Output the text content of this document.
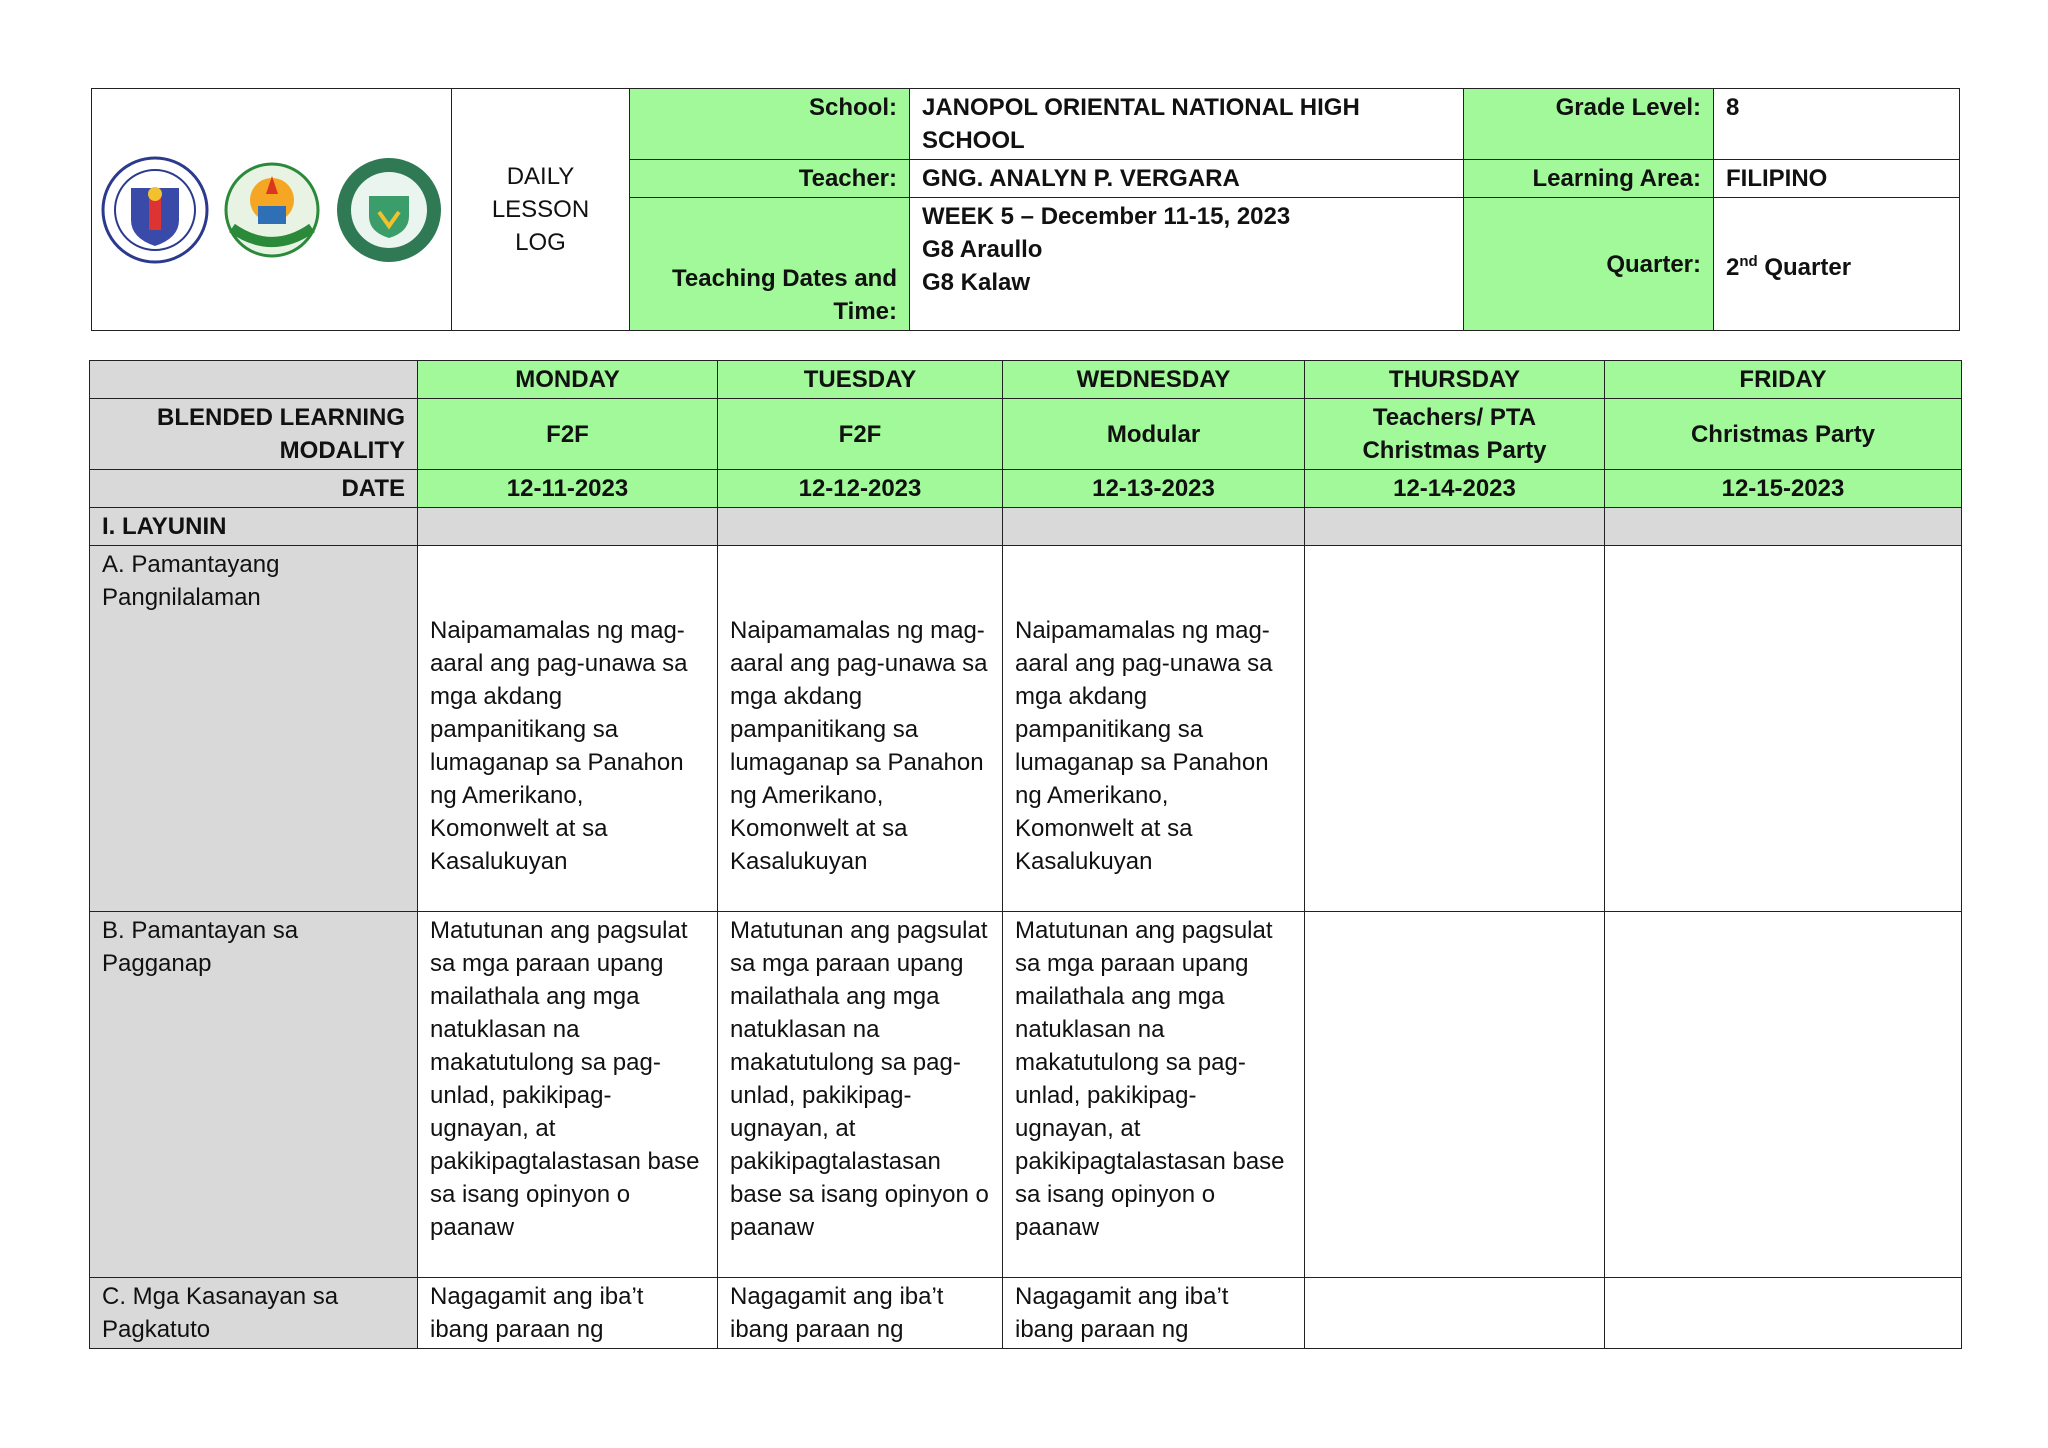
	DAILY
LESSON
LOG	School:	JANOPOL ORIENTAL NATIONAL HIGH SCHOOL	Grade Level:	8
		Teacher:	GNG. ANALYN P. VERGARA	Learning Area:	FILIPINO
		Teaching Dates and Time:	WEEK 5 – December 11-15, 2023
G8 Araullo
G8 Kalaw	Quarter:	2nd Quarter
	MONDAY	TUESDAY	WEDNESDAY	THURSDAY	FRIDAY
BLENDED LEARNING MODALITY	F2F	F2F	Modular	Teachers/ PTA Christmas Party	Christmas Party
DATE	12-11-2023	12-12-2023	12-13-2023	12-14-2023	12-15-2023
I. LAYUNIN					
A. Pamantayang Pangnilalaman	Naipamamalas ng mag-aaral ang pag-unawa sa mga akdang pampanitikang sa lumaganap sa Panahon ng Amerikano, Komonwelt at sa Kasalukuyan	Naipamamalas ng mag-aaral ang pag-unawa sa mga akdang pampanitikang sa lumaganap sa Panahon ng Amerikano, Komonwelt at sa Kasalukuyan	Naipamamalas ng mag-aaral ang pag-unawa sa mga akdang pampanitikang sa lumaganap sa Panahon ng Amerikano, Komonwelt at sa Kasalukuyan		
B. Pamantayan sa Pagganap	Matutunan ang pagsulat sa mga paraan upang mailathala ang mga natuklasan na makatutulong sa pag-unlad, pakikipag-ugnayan, at pakikipagtalastasan base sa isang opinyon o paanaw	Matutunan ang pagsulat sa mga paraan upang mailathala ang mga natuklasan na makatutulong sa pag-unlad, pakikipag-ugnayan, at pakikipagtalastasan base sa isang opinyon o paanaw	Matutunan ang pagsulat sa mga paraan upang mailathala ang mga natuklasan na makatutulong sa pag-unlad, pakikipag-ugnayan, at pakikipagtalastasan base sa isang opinyon o paanaw		
C. Mga Kasanayan sa Pagkatuto	Nagagamit ang iba’t ibang paraan ng	Nagagamit ang iba’t ibang paraan ng	Nagagamit ang iba’t ibang paraan ng		
